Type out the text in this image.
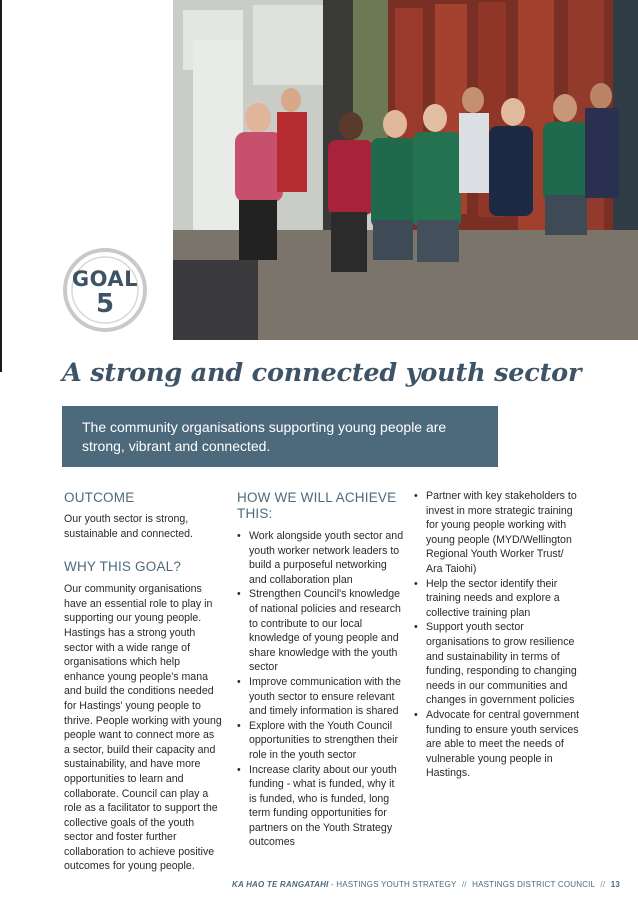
GOAL
5
A strong and connected youth sector

The community organisations supporting young people are strong, vibrant and connected.

OUTCOME

Our youth sector is strong, sustainable and connected.

WHY THIS GOAL?

Our community organisations have an essential role to play in supporting our young people. Hastings has a strong youth sector with a wide range of organisations which help enhance young people's mana and build the conditions needed for Hastings' young people to thrive. People working with young people want to connect more as a sector, build their capacity and sustainability, and have more opportunities to learn and collaborate. Council can play a role as a facilitator to support the collective goals of the youth sector and foster further collaboration to achieve positive outcomes for young people.

HOW WE WILL ACHIEVE THIS:
• Work alongside youth sector and youth worker network leaders to build a purposeful networking and collaboration plan
• Strengthen Council's knowledge of national policies and research to contribute to our local knowledge of young people and share knowledge with the youth sector
• Improve communication with the youth sector to ensure relevant and timely information is shared
• Explore with the Youth Council opportunities to strengthen their role in the youth sector
• Increase clarity about our youth funding - what is funded, why it is funded, who is funded, long term funding opportunities for partners on the Youth Strategy outcomes
• Partner with key stakeholders to invest in more strategic training for young people working with young people (MYD/Wellington Regional Youth Worker Trust/ Ara Taiohi)
• Help the sector identify their training needs and explore a collective training plan
• Support youth sector organisations to grow resilience and sustainability in terms of funding, responding to changing needs in our communities and changes in government policies
• Advocate for central government funding to ensure youth services are able to meet the needs of vulnerable young people in Hastings.
KA HAO TE RANGATAHI - HASTINGS YOUTH STRATEGY // HASTINGS DISTRICT COUNCIL // 13
